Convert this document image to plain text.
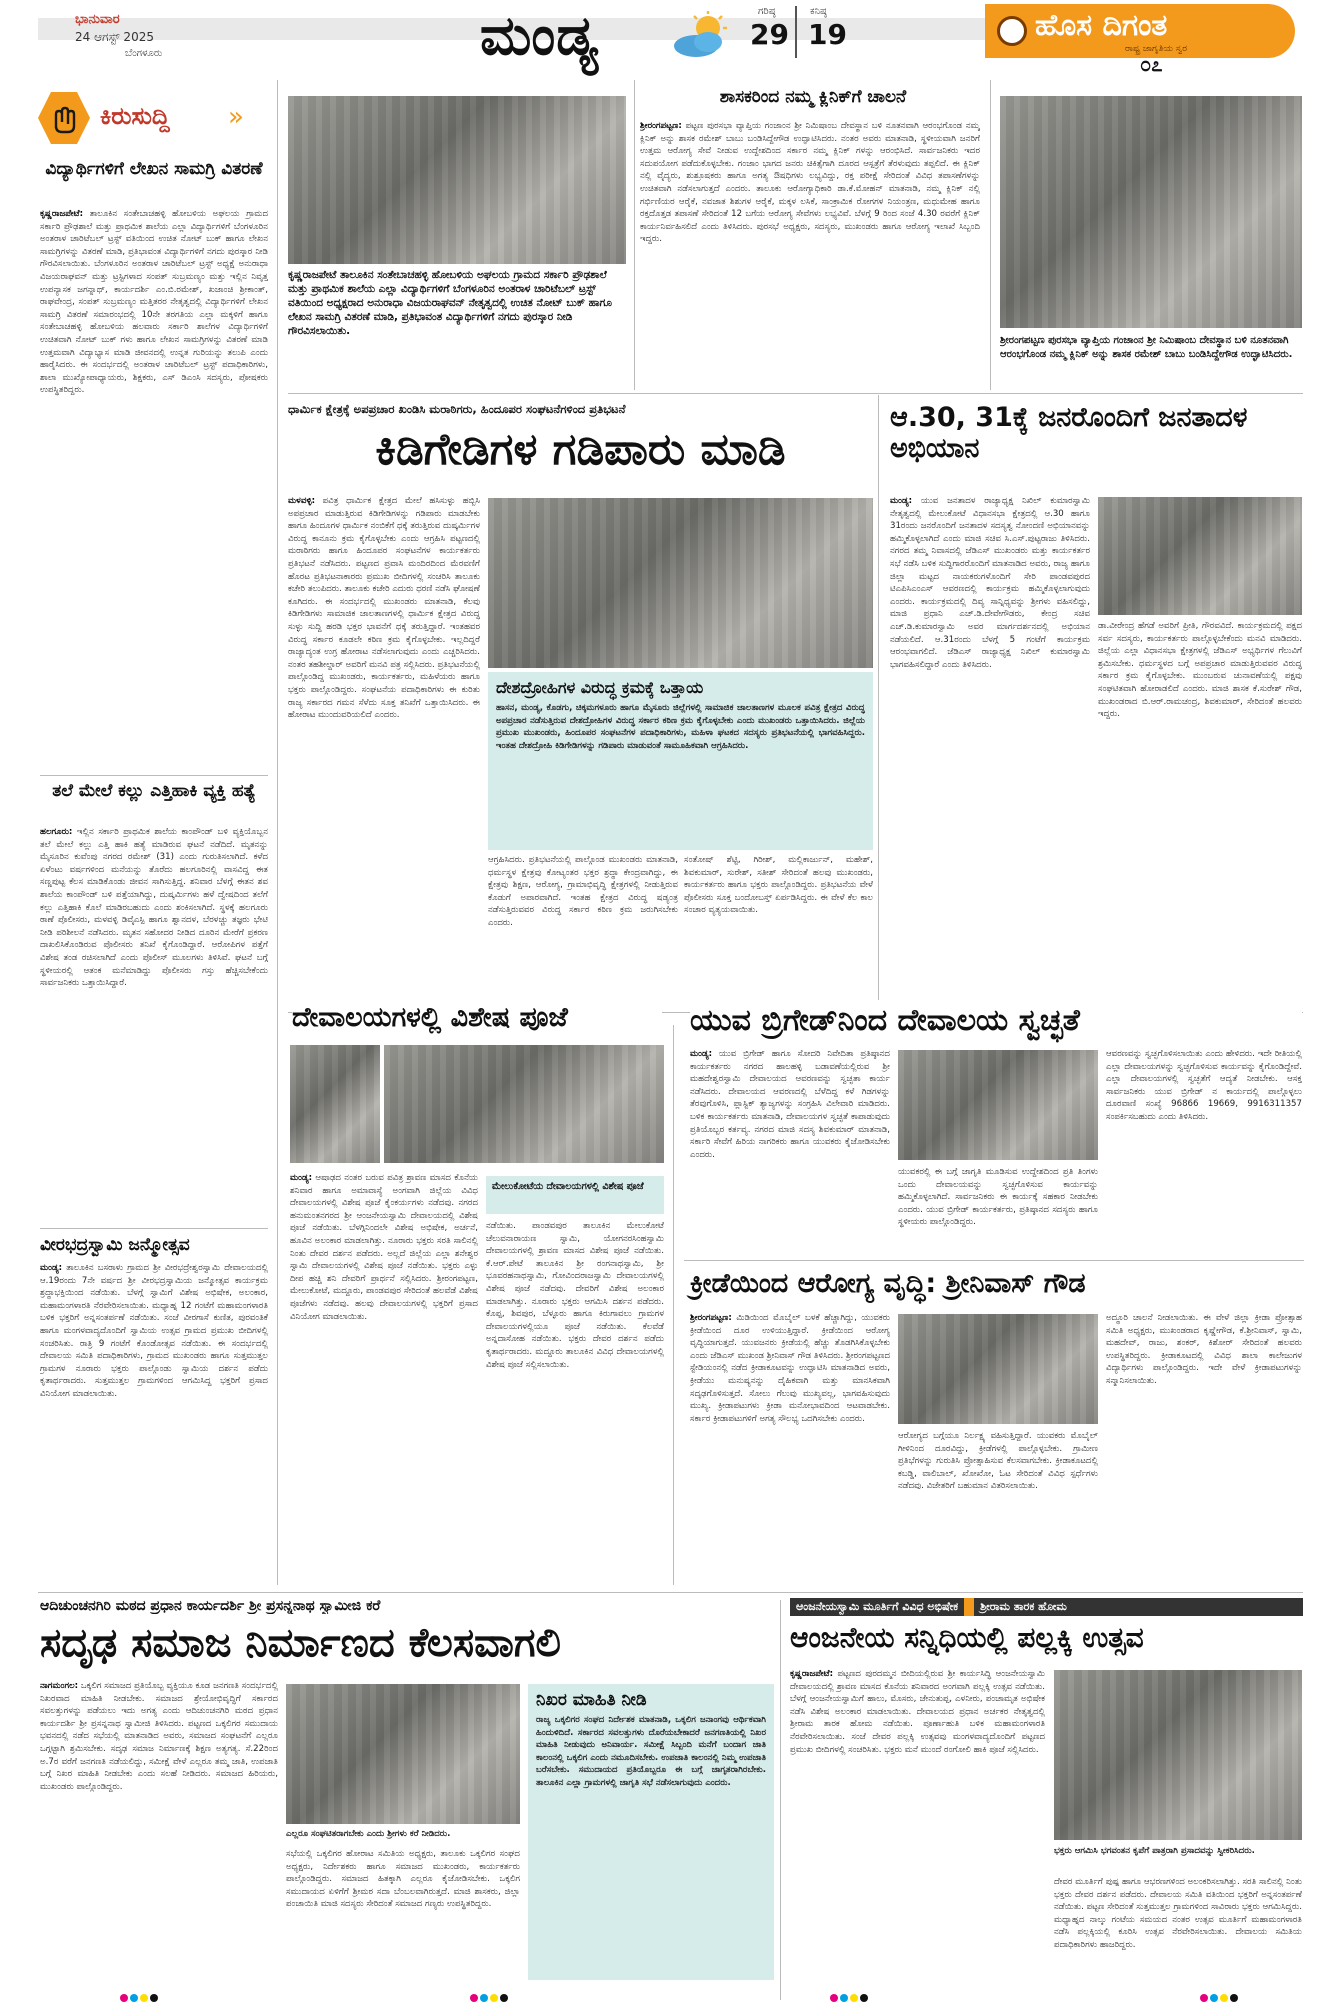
ಭಾನುವಾರ
24 ಆಗಸ್ಟ್ 2025
ಬೆಂಗಳೂರು	ಮಂಡ್ಯ	ಗರಿಷ್ಠ
29
ಕನಿಷ್ಠ
19	ಹೊಸ ದಿಗಂತ
ರಾಷ್ಟ್ರ ಜಾಗೃತಿಯ ಸ್ವರ
೦೭
ಕಿರುಸುದ್ದಿ »
ವಿದ್ಯಾರ್ಥಿಗಳಿಗೆ ಲೇಖನ ಸಾಮಗ್ರಿ ವಿತರಣೆ
ಕೃಷ್ಣರಾಜಪೇಟೆ: ತಾಲೂಕಿನ ಸಂತೇಬಾಚಹಳ್ಳಿ ಹೋಬಳಿಯ ಅಘಲಯ ಗ್ರಾಮದ ಸರ್ಕಾರಿ ಪ್ರೌಢಶಾಲೆ ಮತ್ತು ಪ್ರಾಥಮಿಕ ಶಾಲೆಯ ಎಲ್ಲಾ ವಿದ್ಯಾರ್ಥಿಗಳಿಗೆ ಬೆಂಗಳೂರಿನ ಅಂತರಾಳ ಚಾರಿಟೆಬಲ್ ಟ್ರಸ್ಟ್ ವತಿಯಿಂದ ಉಚಿತ ನೋಟ್ ಬುಕ್ ಹಾಗೂ ಲೇಖನ ಸಾಮಗ್ರಿಗಳನ್ನು ವಿತರಣೆ ಮಾಡಿ, ಪ್ರತಿಭಾವಂತ ವಿದ್ಯಾರ್ಥಿಗಳಿಗೆ ನಗದು ಪುರಸ್ಕಾರ ನೀಡಿ ಗೌರವಿಸಲಾಯಿತು. ಬೆಂಗಳೂರಿನ ಅಂತರಾಳ ಚಾರಿಟೆಬಲ್ ಟ್ರಸ್ಟ್ ಅಧ್ಯಕ್ಷೆ ಅನುರಾಧಾ ವಿಜಯರಾಘವನ್ ಮತ್ತು ಟ್ರಸ್ಟಿಗಳಾದ ಸಂಪತ್ ಸುಬ್ರಮಣ್ಯಂ ಮತ್ತು ಇಲ್ಲಿನ ನಿವೃತ್ತ ಉಪನ್ಯಾಸಕ ಜಗನ್ನಾಥ್, ಕಾರ್ಯದರ್ಶಿ ಎಂ.ಬಿ.ರಮೇಶ್, ಖಜಾಂಚಿ ಶ್ರೀಕಾಂತ್, ರಾಘವೇಂದ್ರ, ಸಂಪತ್ ಸುಬ್ರಮಣ್ಯಂ ಮತ್ತಿತರರ ನೇತೃತ್ವದಲ್ಲಿ ವಿದ್ಯಾರ್ಥಿಗಳಿಗೆ ಲೇಖನ ಸಾಮಗ್ರಿ ವಿತರಣೆ ಸಮಾರಂಭದಲ್ಲಿ 10ನೇ ತರಗತಿಯ ಎಲ್ಲಾ ಮಕ್ಕಳಿಗೆ ಹಾಗೂ ಸಂತೇಬಾಚಹಳ್ಳಿ ಹೋಬಳಿಯ ಹಲವಾರು ಸರ್ಕಾರಿ ಶಾಲೆಗಳ ವಿದ್ಯಾರ್ಥಿಗಳಿಗೆ ಉಚಿತವಾಗಿ ನೋಟ್ ಬುಕ್ ಗಳು ಹಾಗೂ ಲೇಖನ ಸಾಮಗ್ರಿಗಳನ್ನು ವಿತರಣೆ ಮಾಡಿ ಉತ್ತಮವಾಗಿ ವಿದ್ಯಾಭ್ಯಾಸ ಮಾಡಿ ಜೀವನದಲ್ಲಿ ಉನ್ನತ ಗುರಿಯನ್ನು ತಲುಪಿ ಎಂದು ಹಾರೈಸಿದರು. ಈ ಸಂದರ್ಭದಲ್ಲಿ ಅಂತರಾಳ ಚಾರಿಟೆಬಲ್ ಟ್ರಸ್ಟ್ ಪದಾಧಿಕಾರಿಗಳು, ಶಾಲಾ ಮುಖ್ಯೋಪಾಧ್ಯಾಯರು, ಶಿಕ್ಷಕರು, ಎಸ್ ಡಿಎಂಸಿ ಸದಸ್ಯರು, ಪೋಷಕರು ಉಪಸ್ಥಿತರಿದ್ದರು.
ತಲೆ ಮೇಲೆ ಕಲ್ಲು ಎತ್ತಿಹಾಕಿ ವ್ಯಕ್ತಿ ಹತ್ಯೆ
ಹಲಗೂರು: ಇಲ್ಲಿನ ಸರ್ಕಾರಿ ಪ್ರಾಥಮಿಕ ಶಾಲೆಯ ಕಾಂಪೌಂಡ್ ಬಳಿ ವ್ಯಕ್ತಿಯೊಬ್ಬನ ತಲೆ ಮೇಲೆ ಕಲ್ಲು ಎತ್ತಿ ಹಾಕಿ ಹತ್ಯೆ ಮಾಡಿರುವ ಘಟನೆ ನಡೆದಿದೆ. ಮೃತನನ್ನು ಮೈಸೂರಿನ ಕುವೆಂಪು ನಗರದ ರಮೇಶ್ (31) ಎಂದು ಗುರುತಿಸಲಾಗಿದೆ. ಕಳೆದ ಏಳೆಂಟು ವರ್ಷಗಳಿಂದ ಮನೆಯನ್ನು ತೊರೆದು ಹಲಗೂರಿನಲ್ಲಿ ವಾಸವಿದ್ದ ಈತ ಸಣ್ಣಪುಟ್ಟ ಕೆಲಸ ಮಾಡಿಕೊಂಡು ಜೀವನ ಸಾಗಿಸುತ್ತಿದ್ದ. ಶನಿವಾರ ಬೆಳಗ್ಗೆ ಈತನ ಶವ ಶಾಲೆಯ ಕಾಂಪೌಂಡ್ ಬಳಿ ಪತ್ತೆಯಾಗಿದ್ದು, ದುಷ್ಕರ್ಮಿಗಳು ಹಳೆ ದ್ವೇಷದಿಂದ ತಲೆಗೆ ಕಲ್ಲು ಎತ್ತಿಹಾಕಿ ಕೊಲೆ ಮಾಡಿರಬಹುದು ಎಂದು ಶಂಕಿಸಲಾಗಿದೆ. ಸ್ಥಳಕ್ಕೆ ಹಲಗೂರು ಠಾಣೆ ಪೊಲೀಸರು, ಮಳವಳ್ಳಿ ಡಿವೈಎಸ್ಪಿ ಹಾಗೂ ಶ್ವಾನದಳ, ಬೆರಳಚ್ಚು ತಜ್ಞರು ಭೇಟಿ ನೀಡಿ ಪರಿಶೀಲನೆ ನಡೆಸಿದರು. ಮೃತನ ಸಹೋದರ ನೀಡಿದ ದೂರಿನ ಮೇರೆಗೆ ಪ್ರಕರಣ ದಾಖಲಿಸಿಕೊಂಡಿರುವ ಪೊಲೀಸರು ತನಿಖೆ ಕೈಗೊಂಡಿದ್ದಾರೆ. ಆರೋಪಿಗಳ ಪತ್ತೆಗೆ ವಿಶೇಷ ತಂಡ ರಚಿಸಲಾಗಿದೆ ಎಂದು ಪೊಲೀಸ್ ಮೂಲಗಳು ತಿಳಿಸಿವೆ. ಘಟನೆ ಬಗ್ಗೆ ಸ್ಥಳೀಯರಲ್ಲಿ ಆತಂಕ ಮನೆಮಾಡಿದ್ದು ಪೊಲೀಸರು ಗಸ್ತು ಹೆಚ್ಚಿಸಬೇಕೆಂದು ಸಾರ್ವಜನಿಕರು ಒತ್ತಾಯಿಸಿದ್ದಾರೆ.
ವೀರಭದ್ರಸ್ವಾಮಿ ಜನ್ಮೋತ್ಸವ
ಮಂಡ್ಯ: ತಾಲೂಕಿನ ಬಸರಾಳು ಗ್ರಾಮದ ಶ್ರೀ ವೀರಭದ್ರೇಶ್ವರಸ್ವಾಮಿ ದೇವಾಲಯದಲ್ಲಿ ಆ.19ರಂದು 7ನೇ ವರ್ಷದ ಶ್ರೀ ವೀರಭದ್ರಸ್ವಾಮಿಯ ಜನ್ಮೋತ್ಸವ ಕಾರ್ಯಕ್ರಮ ಶ್ರದ್ಧಾಭಕ್ತಿಯಿಂದ ನಡೆಯಿತು. ಬೆಳಗ್ಗೆ ಸ್ವಾಮಿಗೆ ವಿಶೇಷ ಅಭಿಷೇಕ, ಅಲಂಕಾರ, ಮಹಾಮಂಗಳಾರತಿ ನೆರವೇರಿಸಲಾಯಿತು. ಮಧ್ಯಾಹ್ನ 12 ಗಂಟೆಗೆ ಮಹಾಮಂಗಳಾರತಿ ಬಳಿಕ ಭಕ್ತರಿಗೆ ಅನ್ನಸಂತರ್ಪಣೆ ನಡೆಯಿತು. ಸಂಜೆ ವೀರಗಾಸೆ ಕುಣಿತ, ಪುರವಂತಿಕೆ ಹಾಗೂ ಮಂಗಳವಾದ್ಯದೊಂದಿಗೆ ಸ್ವಾಮಿಯ ಉತ್ಸವ ಗ್ರಾಮದ ಪ್ರಮುಖ ಬೀದಿಗಳಲ್ಲಿ ಸಂಚರಿಸಿತು. ರಾತ್ರಿ 9 ಗಂಟೆಗೆ ಕೊಂಡೋತ್ಸವ ನಡೆಯಿತು. ಈ ಸಂದರ್ಭದಲ್ಲಿ ದೇವಾಲಯ ಸಮಿತಿ ಪದಾಧಿಕಾರಿಗಳು, ಗ್ರಾಮದ ಮುಖಂಡರು ಹಾಗೂ ಸುತ್ತಮುತ್ತಲ ಗ್ರಾಮಗಳ ನೂರಾರು ಭಕ್ತರು ಪಾಲ್ಗೊಂಡು ಸ್ವಾಮಿಯ ದರ್ಶನ ಪಡೆದು ಕೃತಾರ್ಥರಾದರು. ಸುತ್ತಮುತ್ತಲ ಗ್ರಾಮಗಳಿಂದ ಆಗಮಿಸಿದ್ದ ಭಕ್ತರಿಗೆ ಪ್ರಸಾದ ವಿನಿಯೋಗ ಮಾಡಲಾಯಿತು.
ಕೃಷ್ಣರಾಜಪೇಟೆ ತಾಲೂಕಿನ ಸಂತೇಬಾಚಹಳ್ಳಿ ಹೋಬಳಿಯ ಅಘಲಯ ಗ್ರಾಮದ ಸರ್ಕಾರಿ ಪ್ರೌಢಶಾಲೆ ಮತ್ತು ಪ್ರಾಥಮಿಕ ಶಾಲೆಯ ಎಲ್ಲಾ ವಿದ್ಯಾರ್ಥಿಗಳಿಗೆ ಬೆಂಗಳೂರಿನ ಅಂತರಾಳ ಚಾರಿಟೆಬಲ್ ಟ್ರಸ್ಟ್ ವತಿಯಿಂದ ಅಧ್ಯಕ್ಷರಾದ ಅನುರಾಧಾ ವಿಜಯರಾಘವನ್ ನೇತೃತ್ವದಲ್ಲಿ ಉಚಿತ ನೋಟ್ ಬುಕ್ ಹಾಗೂ ಲೇಖನ ಸಾಮಗ್ರಿ ವಿತರಣೆ ಮಾಡಿ, ಪ್ರತಿಭಾವಂತ ವಿದ್ಯಾರ್ಥಿಗಳಿಗೆ ನಗದು ಪುರಸ್ಕಾರ ನೀಡಿ ಗೌರವಿಸಲಾಯಿತು.
ಶಾಸಕರಿಂದ ನಮ್ಮ ಕ್ಲಿನಿಕ್‌ಗೆ ಚಾಲನೆ
ಶ್ರೀರಂಗಪಟ್ಟಣ: ಪಟ್ಟಣ ಪುರಸಭಾ ವ್ಯಾಪ್ತಿಯ ಗಂಜಾಂನ ಶ್ರೀ ನಿಮಿಷಾಂಬ ದೇವಸ್ಥಾನ ಬಳಿ ನೂತನವಾಗಿ ಆರಂಭಗೊಂಡ ನಮ್ಮ ಕ್ಲಿನಿಕ್ ಅನ್ನು ಶಾಸಕ ರಮೇಶ್ ಬಾಬು ಬಂಡಿಸಿದ್ದೇಗೌಡ ಉದ್ಘಾಟಿಸಿದರು. ನಂತರ ಅವರು ಮಾತನಾಡಿ, ಸ್ಥಳೀಯವಾಗಿ ಜನರಿಗೆ ಉತ್ತಮ ಆರೋಗ್ಯ ಸೇವೆ ನೀಡುವ ಉದ್ದೇಶದಿಂದ ಸರ್ಕಾರ ನಮ್ಮ ಕ್ಲಿನಿಕ್ ಗಳನ್ನು ಆರಂಭಿಸಿದೆ. ಸಾರ್ವಜನಿಕರು ಇದರ ಸದುಪಯೋಗ ಪಡೆದುಕೊಳ್ಳಬೇಕು. ಗಂಜಾಂ ಭಾಗದ ಜನರು ಚಿಕಿತ್ಸೆಗಾಗಿ ದೂರದ ಆಸ್ಪತ್ರೆಗೆ ತೆರಳುವುದು ತಪ್ಪಲಿದೆ. ಈ ಕ್ಲಿನಿಕ್ ನಲ್ಲಿ ವೈದ್ಯರು, ಶುಶ್ರೂಷಕರು ಹಾಗೂ ಅಗತ್ಯ ಔಷಧಿಗಳು ಲಭ್ಯವಿದ್ದು, ರಕ್ತ ಪರೀಕ್ಷೆ ಸೇರಿದಂತೆ ವಿವಿಧ ತಪಾಸಣೆಗಳನ್ನು ಉಚಿತವಾಗಿ ನಡೆಸಲಾಗುತ್ತದೆ ಎಂದರು. ತಾಲೂಕು ಆರೋಗ್ಯಾಧಿಕಾರಿ ಡಾ.ಕೆ.ಮೋಹನ್ ಮಾತನಾಡಿ, ನಮ್ಮ ಕ್ಲಿನಿಕ್ ನಲ್ಲಿ ಗರ್ಭಿಣಿಯರ ಆರೈಕೆ, ನವಜಾತ ಶಿಶುಗಳ ಆರೈಕೆ, ಮಕ್ಕಳ ಲಸಿಕೆ, ಸಾಂಕ್ರಾಮಿಕ ರೋಗಗಳ ನಿಯಂತ್ರಣ, ಮಧುಮೇಹ ಹಾಗೂ ರಕ್ತದೊತ್ತಡ ತಪಾಸಣೆ ಸೇರಿದಂತೆ 12 ಬಗೆಯ ಆರೋಗ್ಯ ಸೇವೆಗಳು ಲಭ್ಯವಿವೆ. ಬೆಳಗ್ಗೆ 9 ರಿಂದ ಸಂಜೆ 4.30 ರವರೆಗೆ ಕ್ಲಿನಿಕ್ ಕಾರ್ಯನಿರ್ವಹಿಸಲಿದೆ ಎಂದು ತಿಳಿಸಿದರು. ಪುರಸಭೆ ಅಧ್ಯಕ್ಷರು, ಸದಸ್ಯರು, ಮುಖಂಡರು ಹಾಗೂ ಆರೋಗ್ಯ ಇಲಾಖೆ ಸಿಬ್ಬಂದಿ ಇದ್ದರು.
ಶ್ರೀರಂಗಪಟ್ಟಣ ಪುರಸಭಾ ವ್ಯಾಪ್ತಿಯ ಗಂಜಾಂನ ಶ್ರೀ ನಿಮಿಷಾಂಬ ದೇವಸ್ಥಾನ ಬಳಿ ನೂತನವಾಗಿ ಆರಂಭಗೊಂಡ ನಮ್ಮ ಕ್ಲಿನಿಕ್ ಅನ್ನು ಶಾಸಕ ರಮೇಶ್ ಬಾಬು ಬಂಡಿಸಿದ್ದೇಗೌಡ ಉದ್ಘಾಟಿಸಿದರು.
ಧಾರ್ಮಿಕ ಕ್ಷೇತ್ರಕ್ಕೆ ಅಪಪ್ರಚಾರ ಖಂಡಿಸಿ ಮರಾಠಿಗರು, ಹಿಂದೂಪರ ಸಂಘಟನೆಗಳಿಂದ ಪ್ರತಿಭಟನೆ
ಕಿಡಿಗೇಡಿಗಳ ಗಡಿಪಾರು ಮಾಡಿ
ಮಳವಳ್ಳಿ: ಪವಿತ್ರ ಧಾರ್ಮಿಕ ಕ್ಷೇತ್ರದ ಮೇಲೆ ಹಸಿಸುಳ್ಳು ಹಬ್ಬಿಸಿ ಅಪಪ್ರಚಾರ ಮಾಡುತ್ತಿರುವ ಕಿಡಿಗೇಡಿಗಳನ್ನು ಗಡಿಪಾರು ಮಾಡಬೇಕು ಹಾಗೂ ಹಿಂದೂಗಳ ಧಾರ್ಮಿಕ ನಂಬಿಕೆಗೆ ಧಕ್ಕೆ ತರುತ್ತಿರುವ ದುಷ್ಕರ್ಮಿಗಳ ವಿರುದ್ಧ ಕಾನೂನು ಕ್ರಮ ಕೈಗೊಳ್ಳಬೇಕು ಎಂದು ಆಗ್ರಹಿಸಿ ಪಟ್ಟಣದಲ್ಲಿ ಮರಾಠಿಗರು ಹಾಗೂ ಹಿಂದೂಪರ ಸಂಘಟನೆಗಳ ಕಾರ್ಯಕರ್ತರು ಪ್ರತಿಭಟನೆ ನಡೆಸಿದರು. ಪಟ್ಟಣದ ಪ್ರವಾಸಿ ಮಂದಿರದಿಂದ ಮೆರವಣಿಗೆ ಹೊರಟ ಪ್ರತಿಭಟನಾಕಾರರು ಪ್ರಮುಖ ಬೀದಿಗಳಲ್ಲಿ ಸಂಚರಿಸಿ ತಾಲೂಕು ಕಚೇರಿ ತಲುಪಿದರು. ತಾಲೂಕು ಕಚೇರಿ ಎದುರು ಧರಣಿ ನಡೆಸಿ ಘೋಷಣೆ ಕೂಗಿದರು. ಈ ಸಂದರ್ಭದಲ್ಲಿ ಮುಖಂಡರು ಮಾತನಾಡಿ, ಕೆಲವು ಕಿಡಿಗೇಡಿಗಳು ಸಾಮಾಜಿಕ ಜಾಲತಾಣಗಳಲ್ಲಿ ಧಾರ್ಮಿಕ ಕ್ಷೇತ್ರದ ವಿರುದ್ಧ ಸುಳ್ಳು ಸುದ್ದಿ ಹರಡಿ ಭಕ್ತರ ಭಾವನೆಗೆ ಧಕ್ಕೆ ತರುತ್ತಿದ್ದಾರೆ. ಇಂತಹವರ ವಿರುದ್ಧ ಸರ್ಕಾರ ಕೂಡಲೇ ಕಠಿಣ ಕ್ರಮ ಕೈಗೊಳ್ಳಬೇಕು. ಇಲ್ಲದಿದ್ದರೆ ರಾಜ್ಯಾದ್ಯಂತ ಉಗ್ರ ಹೋರಾಟ ನಡೆಸಲಾಗುವುದು ಎಂದು ಎಚ್ಚರಿಸಿದರು. ನಂತರ ತಹಶೀಲ್ದಾರ್ ಅವರಿಗೆ ಮನವಿ ಪತ್ರ ಸಲ್ಲಿಸಿದರು. ಪ್ರತಿಭಟನೆಯಲ್ಲಿ ಪಾಲ್ಗೊಂಡಿದ್ದ ಮುಖಂಡರು, ಕಾರ್ಯಕರ್ತರು, ಮಹಿಳೆಯರು ಹಾಗೂ ಭಕ್ತರು ಪಾಲ್ಗೊಂಡಿದ್ದರು. ಸಂಘಟನೆಯ ಪದಾಧಿಕಾರಿಗಳು ಈ ಕುರಿತು ರಾಜ್ಯ ಸರ್ಕಾರದ ಗಮನ ಸೆಳೆದು ಸೂಕ್ತ ತನಿಖೆಗೆ ಒತ್ತಾಯಿಸಿದರು. ಈ ಹೋರಾಟ ಮುಂದುವರಿಯಲಿದೆ ಎಂದರು.
ದೇಶದ್ರೋಹಿಗಳ ವಿರುದ್ಧ ಕ್ರಮಕ್ಕೆ ಒತ್ತಾಯ
ಹಾಸನ, ಮಂಡ್ಯ, ಕೊಡಗು, ಚಿಕ್ಕಮಗಳೂರು ಹಾಗೂ ಮೈಸೂರು ಜಿಲ್ಲೆಗಳಲ್ಲಿ ಸಾಮಾಜಿಕ ಜಾಲತಾಣಗಳ ಮೂಲಕ ಪವಿತ್ರ ಕ್ಷೇತ್ರದ ವಿರುದ್ಧ ಅಪಪ್ರಚಾರ ನಡೆಸುತ್ತಿರುವ ದೇಶದ್ರೋಹಿಗಳ ವಿರುದ್ಧ ಸರ್ಕಾರ ಕಠಿಣ ಕ್ರಮ ಕೈಗೊಳ್ಳಬೇಕು ಎಂದು ಮುಖಂಡರು ಒತ್ತಾಯಿಸಿದರು. ಜಿಲ್ಲೆಯ ಪ್ರಮುಖ ಮುಖಂಡರು, ಹಿಂದೂಪರ ಸಂಘಟನೆಗಳ ಪದಾಧಿಕಾರಿಗಳು, ಮಹಿಳಾ ಘಟಕದ ಸದಸ್ಯರು ಪ್ರತಿಭಟನೆಯಲ್ಲಿ ಭಾಗವಹಿಸಿದ್ದರು. ಇಂತಹ ದೇಶದ್ರೋಹಿ ಕಿಡಿಗೇಡಿಗಳನ್ನು ಗಡಿಪಾರು ಮಾಡುವಂತೆ ಸಾಮೂಹಿಕವಾಗಿ ಆಗ್ರಹಿಸಿದರು.
ಆಗ್ರಹಿಸಿದರು. ಪ್ರತಿಭಟನೆಯಲ್ಲಿ ಪಾಲ್ಗೊಂಡ ಮುಖಂಡರು ಮಾತನಾಡಿ, ಧರ್ಮಸ್ಥಳ ಕ್ಷೇತ್ರವು ಕೋಟ್ಯಂತರ ಭಕ್ತರ ಶ್ರದ್ಧಾ ಕೇಂದ್ರವಾಗಿದ್ದು, ಈ ಕ್ಷೇತ್ರವು ಶಿಕ್ಷಣ, ಆರೋಗ್ಯ, ಗ್ರಾಮಾಭಿವೃದ್ಧಿ ಕ್ಷೇತ್ರಗಳಲ್ಲಿ ನೀಡುತ್ತಿರುವ ಕೊಡುಗೆ ಅಪಾರವಾಗಿದೆ. ಇಂತಹ ಕ್ಷೇತ್ರದ ವಿರುದ್ಧ ಷಡ್ಯಂತ್ರ ನಡೆಸುತ್ತಿರುವವರ ವಿರುದ್ಧ ಸರ್ಕಾರ ಕಠಿಣ ಕ್ರಮ ಜರುಗಿಸಬೇಕು ಎಂದರು.
ಸಂತೋಷ್ ಶೆಟ್ಟಿ, ಗಿರೀಶ್, ಮಲ್ಲಿಕಾರ್ಜುನ್, ಮಹೇಶ್, ಶಿವಕುಮಾರ್, ಸುರೇಶ್, ಸತೀಶ್ ಸೇರಿದಂತೆ ಹಲವು ಮುಖಂಡರು, ಕಾರ್ಯಕರ್ತರು ಹಾಗೂ ಭಕ್ತರು ಪಾಲ್ಗೊಂಡಿದ್ದರು. ಪ್ರತಿಭಟನೆಯ ವೇಳೆ ಪೊಲೀಸರು ಸೂಕ್ತ ಬಂದೋಬಸ್ತ್ ಏರ್ಪಡಿಸಿದ್ದರು. ಈ ವೇಳೆ ಕೆಲ ಕಾಲ ಸಂಚಾರ ವ್ಯತ್ಯಯವಾಯಿತು.
ಆ.30, 31ಕ್ಕೆ ಜನರೊಂದಿಗೆ ಜನತಾದಳ ಅಭಿಯಾನ
ಮಂಡ್ಯ: ಯುವ ಜನತಾದಳ ರಾಜ್ಯಾಧ್ಯಕ್ಷ ನಿಖಿಲ್ ಕುಮಾರಸ್ವಾಮಿ ನೇತೃತ್ವದಲ್ಲಿ ಮೇಲುಕೋಟೆ ವಿಧಾನಸಭಾ ಕ್ಷೇತ್ರದಲ್ಲಿ ಆ.30 ಹಾಗೂ 31ರಂದು ಜನರೊಂದಿಗೆ ಜನತಾದಳ ಸದಸ್ಯತ್ವ ನೋಂದಣಿ ಅಭಿಯಾನವನ್ನು ಹಮ್ಮಿಕೊಳ್ಳಲಾಗಿದೆ ಎಂದು ಮಾಜಿ ಸಚಿವ ಸಿ.ಎಸ್.ಪುಟ್ಟರಾಜು ತಿಳಿಸಿದರು. ನಗರದ ತಮ್ಮ ನಿವಾಸದಲ್ಲಿ ಜೆಡಿಎಸ್ ಮುಖಂಡರು ಮತ್ತು ಕಾರ್ಯಕರ್ತರ ಸಭೆ ನಡೆಸಿ ಬಳಿಕ ಸುದ್ದಿಗಾರರೊಂದಿಗೆ ಮಾತನಾಡಿದ ಅವರು, ರಾಜ್ಯ ಹಾಗೂ ಜಿಲ್ಲಾ ಮಟ್ಟದ ನಾಯಕರುಗಳೊಂದಿಗೆ ಸೇರಿ ಪಾಂಡವಪುರದ ಟಿಎಪಿಸಿಎಂಎಸ್ ಆವರಣದಲ್ಲಿ ಕಾರ್ಯಕ್ರಮ ಹಮ್ಮಿಕೊಳ್ಳಲಾಗುವುದು ಎಂದರು. ಕಾರ್ಯಕ್ರಮದಲ್ಲಿ ದಿವ್ಯ ಸಾನ್ನಿಧ್ಯವನ್ನು ಶ್ರೀಗಳು ವಹಿಸಲಿದ್ದು, ಮಾಜಿ ಪ್ರಧಾನಿ ಎಚ್.ಡಿ.ದೇವೇಗೌಡರು, ಕೇಂದ್ರ ಸಚಿವ ಎಚ್.ಡಿ.ಕುಮಾರಸ್ವಾಮಿ ಅವರ ಮಾರ್ಗದರ್ಶನದಲ್ಲಿ ಅಭಿಯಾನ ನಡೆಯಲಿದೆ. ಆ.31ರಂದು ಬೆಳಗ್ಗೆ 5 ಗಂಟೆಗೆ ಕಾರ್ಯಕ್ರಮ ಆರಂಭವಾಗಲಿದೆ. ಜೆಡಿಎಸ್ ರಾಜ್ಯಾಧ್ಯಕ್ಷ ನಿಖಿಲ್ ಕುಮಾರಸ್ವಾಮಿ ಭಾಗವಹಿಸಲಿದ್ದಾರೆ ಎಂದು ತಿಳಿಸಿದರು.
ಡಾ.ವೀರೇಂದ್ರ ಹೆಗಡೆ ಅವರಿಗೆ ಪ್ರೀತಿ, ಗೌರವವಿದೆ. ಕಾರ್ಯಕ್ರಮದಲ್ಲಿ ಪಕ್ಷದ ಸರ್ವ ಸದಸ್ಯರು, ಕಾರ್ಯಕರ್ತರು ಪಾಲ್ಗೊಳ್ಳಬೇಕೆಂದು ಮನವಿ ಮಾಡಿದರು. ಜಿಲ್ಲೆಯ ಎಲ್ಲಾ ವಿಧಾನಸಭಾ ಕ್ಷೇತ್ರಗಳಲ್ಲಿ ಜೆಡಿಎಸ್ ಅಭ್ಯರ್ಥಿಗಳ ಗೆಲುವಿಗೆ ಶ್ರಮಿಸಬೇಕು. ಧರ್ಮಸ್ಥಳದ ಬಗ್ಗೆ ಅಪಪ್ರಚಾರ ಮಾಡುತ್ತಿರುವವರ ವಿರುದ್ಧ ಸರ್ಕಾರ ಕ್ರಮ ಕೈಗೊಳ್ಳಬೇಕು. ಮುಂಬರುವ ಚುನಾವಣೆಯಲ್ಲಿ ಪಕ್ಷವು ಸಂಘಟಿತವಾಗಿ ಹೋರಾಡಲಿದೆ ಎಂದರು. ಮಾಜಿ ಶಾಸಕ ಕೆ.ಸುರೇಶ್ ಗೌಡ, ಮುಖಂಡರಾದ ಬಿ.ಆರ್.ರಾಮಚಂದ್ರ, ಶಿವಕುಮಾರ್, ಸೇರಿದಂತೆ ಹಲವರು ಇದ್ದರು.
ದೇವಾಲಯಗಳಲ್ಲಿ ವಿಶೇಷ ಪೂಜೆ
ಮಂಡ್ಯ: ಆಷಾಢದ ನಂತರ ಬರುವ ಪವಿತ್ರ ಶ್ರಾವಣ ಮಾಸದ ಕೊನೆಯ ಶನಿವಾರ ಹಾಗೂ ಅಮಾವಾಸ್ಯೆ ಅಂಗವಾಗಿ ಜಿಲ್ಲೆಯ ವಿವಿಧ ದೇವಾಲಯಗಳಲ್ಲಿ ವಿಶೇಷ ಪೂಜೆ ಕೈಂಕರ್ಯಗಳು ನಡೆದವು. ನಗರದ ಹನುಮಂತನಗರದ ಶ್ರೀ ಆಂಜನೇಯಸ್ವಾಮಿ ದೇವಾಲಯದಲ್ಲಿ ವಿಶೇಷ ಪೂಜೆ ನಡೆಯಿತು. ಬೆಳಗ್ಗಿನಿಂದಲೇ ವಿಶೇಷ ಅಭಿಷೇಕ, ಅರ್ಚನೆ, ಹೂವಿನ ಅಲಂಕಾರ ಮಾಡಲಾಗಿತ್ತು. ನೂರಾರು ಭಕ್ತರು ಸರತಿ ಸಾಲಿನಲ್ಲಿ ನಿಂತು ದೇವರ ದರ್ಶನ ಪಡೆದರು. ಅಲ್ಲದೆ ಜಿಲ್ಲೆಯ ಎಲ್ಲಾ ಶನೇಶ್ವರ ಸ್ವಾಮಿ ದೇವಾಲಯಗಳಲ್ಲಿ ವಿಶೇಷ ಪೂಜೆ ನಡೆಯಿತು. ಭಕ್ತರು ಎಳ್ಳು ದೀಪ ಹಚ್ಚಿ ಶನಿ ದೇವರಿಗೆ ಪ್ರಾರ್ಥನೆ ಸಲ್ಲಿಸಿದರು. ಶ್ರೀರಂಗಪಟ್ಟಣ, ಮೇಲುಕೋಟೆ, ಮದ್ದೂರು, ಪಾಂಡವಪುರ ಸೇರಿದಂತೆ ಹಲವೆಡೆ ವಿಶೇಷ ಪೂಜೆಗಳು ನಡೆದವು. ಹಲವು ದೇವಾಲಯಗಳಲ್ಲಿ ಭಕ್ತರಿಗೆ ಪ್ರಸಾದ ವಿನಿಯೋಗ ಮಾಡಲಾಯಿತು.
ಮೇಲುಕೋಟೆಯ ದೇವಾಲಯಗಳಲ್ಲಿ ವಿಶೇಷ ಪೂಜೆ
ನಡೆಯಿತು. ಪಾಂಡವಪುರ ತಾಲೂಕಿನ ಮೇಲುಕೋಟೆ ಚೆಲುವನಾರಾಯಣ ಸ್ವಾಮಿ, ಯೋಗನರಸಿಂಹಸ್ವಾಮಿ ದೇವಾಲಯಗಳಲ್ಲಿ ಶ್ರಾವಣ ಮಾಸದ ವಿಶೇಷ ಪೂಜೆ ನಡೆಯಿತು. ಕೆ.ಆರ್.ಪೇಟೆ ತಾಲೂಕಿನ ಶ್ರೀ ರಂಗನಾಥಸ್ವಾಮಿ, ಶ್ರೀ ಭೂವರಹನಾಥಸ್ವಾಮಿ, ಗೋವಿಂದರಾಜಸ್ವಾಮಿ ದೇವಾಲಯಗಳಲ್ಲಿ ವಿಶೇಷ ಪೂಜೆ ನಡೆದವು. ದೇವರಿಗೆ ವಿಶೇಷ ಅಲಂಕಾರ ಮಾಡಲಾಗಿತ್ತು. ನೂರಾರು ಭಕ್ತರು ಆಗಮಿಸಿ ದರ್ಶನ ಪಡೆದರು. ಕೊಪ್ಪ, ಶಿವಪುರ, ಬೆಳ್ಳೂರು ಹಾಗೂ ಕಿರುಗಾವಲು ಗ್ರಾಮಗಳ ದೇವಾಲಯಗಳಲ್ಲಿಯೂ ಪೂಜೆ ನಡೆಯಿತು. ಕೆಲವೆಡೆ ಅನ್ನದಾಸೋಹ ನಡೆಯಿತು. ಭಕ್ತರು ದೇವರ ದರ್ಶನ ಪಡೆದು ಕೃತಾರ್ಥರಾದರು. ಮದ್ದೂರು ತಾಲೂಕಿನ ವಿವಿಧ ದೇವಾಲಯಗಳಲ್ಲಿ ವಿಶೇಷ ಪೂಜೆ ಸಲ್ಲಿಸಲಾಯಿತು.
ಯುವ ಬ್ರಿಗೇಡ್‌ನಿಂದ ದೇವಾಲಯ ಸ್ವಚ್ಛತೆ
ಮಂಡ್ಯ: ಯುವ ಬ್ರಿಗೇಡ್ ಹಾಗೂ ಸೋದರಿ ನಿವೇದಿತಾ ಪ್ರತಿಷ್ಠಾನದ ಕಾರ್ಯಕರ್ತರು ನಗರದ ಹಾಲಹಳ್ಳಿ ಬಡಾವಣೆಯಲ್ಲಿರುವ ಶ್ರೀ ಮಹದೇಶ್ವರಸ್ವಾಮಿ ದೇವಾಲಯದ ಆವರಣವನ್ನು ಸ್ವಚ್ಛತಾ ಕಾರ್ಯ ನಡೆಸಿದರು. ದೇವಾಲಯದ ಆವರಣದಲ್ಲಿ ಬೆಳೆದಿದ್ದ ಕಳೆ ಗಿಡಗಳನ್ನು ತೆರವುಗೊಳಿಸಿ, ಪ್ಲಾಸ್ಟಿಕ್ ತ್ಯಾಜ್ಯಗಳನ್ನು ಸಂಗ್ರಹಿಸಿ ವಿಲೇವಾರಿ ಮಾಡಿದರು. ಬಳಿಕ ಕಾರ್ಯಕರ್ತರು ಮಾತನಾಡಿ, ದೇವಾಲಯಗಳ ಸ್ವಚ್ಛತೆ ಕಾಪಾಡುವುದು ಪ್ರತಿಯೊಬ್ಬರ ಕರ್ತವ್ಯ. ನಗರದ ಮಾಜಿ ಸದಸ್ಯ ಶಿವಕುಮಾರ್ ಮಾತನಾಡಿ, ಸರ್ಕಾರಿ ಸೇವೆಗೆ ಹಿರಿಯ ನಾಗರಿಕರು ಹಾಗೂ ಯುವಕರು ಕೈಜೋಡಿಸಬೇಕು ಎಂದರು.
ಯುವಕರಲ್ಲಿ ಈ ಬಗ್ಗೆ ಜಾಗೃತಿ ಮೂಡಿಸುವ ಉದ್ದೇಶದಿಂದ ಪ್ರತಿ ತಿಂಗಳು ಒಂದು ದೇವಾಲಯವನ್ನು ಸ್ವಚ್ಛಗೊಳಿಸುವ ಕಾರ್ಯವನ್ನು ಹಮ್ಮಿಕೊಳ್ಳಲಾಗಿದೆ. ಸಾರ್ವಜನಿಕರು ಈ ಕಾರ್ಯಕ್ಕೆ ಸಹಕಾರ ನೀಡಬೇಕು ಎಂದರು. ಯುವ ಬ್ರಿಗೇಡ್ ಕಾರ್ಯಕರ್ತರು, ಪ್ರತಿಷ್ಠಾನದ ಸದಸ್ಯರು ಹಾಗೂ ಸ್ಥಳೀಯರು ಪಾಲ್ಗೊಂಡಿದ್ದರು.
ಆವರಣವನ್ನು ಸ್ವಚ್ಛಗೊಳಿಸಲಾಯಿತು ಎಂದು ಹೇಳಿದರು. ಇದೇ ರೀತಿಯಲ್ಲಿ ಎಲ್ಲಾ ದೇವಾಲಯಗಳನ್ನು ಸ್ವಚ್ಛಗೊಳಿಸುವ ಕಾರ್ಯವನ್ನು ಕೈಗೊಂಡಿದ್ದೇವೆ. ಎಲ್ಲಾ ದೇವಾಲಯಗಳಲ್ಲಿ ಸ್ವಚ್ಛತೆಗೆ ಆದ್ಯತೆ ನೀಡಬೇಕು. ಆಸಕ್ತ ಸಾರ್ವಜನಿಕರು ಯುವ ಬ್ರಿಗೇಡ್ ನ ಕಾರ್ಯದಲ್ಲಿ ಪಾಲ್ಗೊಳ್ಳಲು ದೂರವಾಣಿ ಸಂಖ್ಯೆ 96866 19669, 9916311357 ಸಂಪರ್ಕಿಸಬಹುದು ಎಂದು ತಿಳಿಸಿದರು.
ಕ್ರೀಡೆಯಿಂದ ಆರೋಗ್ಯ ವೃದ್ಧಿ: ಶ್ರೀನಿವಾಸ್ ಗೌಡ
ಶ್ರೀರಂಗಪಟ್ಟಣ: ಮಿಡಿಯಿಂದ ಮೊಬೈಲ್ ಬಳಕೆ ಹೆಚ್ಚಾಗಿದ್ದು, ಯುವಕರು ಕ್ರೀಡೆಯಿಂದ ದೂರ ಉಳಿಯುತ್ತಿದ್ದಾರೆ. ಕ್ರೀಡೆಯಿಂದ ಆರೋಗ್ಯ ವೃದ್ಧಿಯಾಗುತ್ತದೆ. ಯುವಜನರು ಕ್ರೀಡೆಯಲ್ಲಿ ಹೆಚ್ಚು ತೊಡಗಿಸಿಕೊಳ್ಳಬೇಕು ಎಂದು ಜೆಡಿಎಸ್ ಮುಖಂಡ ಶ್ರೀನಿವಾಸ್ ಗೌಡ ತಿಳಿಸಿದರು. ಶ್ರೀರಂಗಪಟ್ಟಣದ ಸ್ಟೇಡಿಯಂನಲ್ಲಿ ನಡೆದ ಕ್ರೀಡಾಕೂಟವನ್ನು ಉದ್ಘಾಟಿಸಿ ಮಾತನಾಡಿದ ಅವರು, ಕ್ರೀಡೆಯು ಮನುಷ್ಯನನ್ನು ದೈಹಿಕವಾಗಿ ಮತ್ತು ಮಾನಸಿಕವಾಗಿ ಸದೃಢಗೊಳಿಸುತ್ತದೆ. ಸೋಲು ಗೆಲುವು ಮುಖ್ಯವಲ್ಲ, ಭಾಗವಹಿಸುವುದು ಮುಖ್ಯ. ಕ್ರೀಡಾಪಟುಗಳು ಕ್ರೀಡಾ ಮನೋಭಾವದಿಂದ ಆಟವಾಡಬೇಕು. ಸರ್ಕಾರ ಕ್ರೀಡಾಪಟುಗಳಿಗೆ ಅಗತ್ಯ ಸೌಲಭ್ಯ ಒದಗಿಸಬೇಕು ಎಂದರು.
ಆರೋಗ್ಯದ ಬಗ್ಗೆಯೂ ನಿರ್ಲಕ್ಷ್ಯ ವಹಿಸುತ್ತಿದ್ದಾರೆ. ಯುವಕರು ಮೊಬೈಲ್ ಗೀಳಿನಿಂದ ದೂರವಿದ್ದು, ಕ್ರೀಡೆಗಳಲ್ಲಿ ಪಾಲ್ಗೊಳ್ಳಬೇಕು. ಗ್ರಾಮೀಣ ಪ್ರತಿಭೆಗಳನ್ನು ಗುರುತಿಸಿ ಪ್ರೋತ್ಸಾಹಿಸುವ ಕೆಲಸವಾಗಬೇಕು. ಕ್ರೀಡಾಕೂಟದಲ್ಲಿ ಕಬಡ್ಡಿ, ವಾಲಿಬಾಲ್, ಖೋಖೋ, ಓಟ ಸೇರಿದಂತೆ ವಿವಿಧ ಸ್ಪರ್ಧೆಗಳು ನಡೆದವು. ವಿಜೇತರಿಗೆ ಬಹುಮಾನ ವಿತರಿಸಲಾಯಿತು.
ಅದ್ಧೂರಿ ಚಾಲನೆ ನೀಡಲಾಯಿತು. ಈ ವೇಳೆ ಜಿಲ್ಲಾ ಕ್ರೀಡಾ ಪ್ರೋತ್ಸಾಹ ಸಮಿತಿ ಅಧ್ಯಕ್ಷರು, ಮುಖಂಡರಾದ ಕೃಷ್ಣೇಗೌಡ, ಕೆ.ಶ್ರೀನಿವಾಸ್, ಸ್ವಾಮಿ, ಮಹದೇವ್, ರಾಜು, ಶಂಕರ್, ಕಿಶೋರ್ ಸೇರಿದಂತೆ ಹಲವರು ಉಪಸ್ಥಿತರಿದ್ದರು. ಕ್ರೀಡಾಕೂಟದಲ್ಲಿ ವಿವಿಧ ಶಾಲಾ ಕಾಲೇಜುಗಳ ವಿದ್ಯಾರ್ಥಿಗಳು ಪಾಲ್ಗೊಂಡಿದ್ದರು. ಇದೇ ವೇಳೆ ಕ್ರೀಡಾಪಟುಗಳನ್ನು ಸನ್ಮಾನಿಸಲಾಯಿತು.
ಆದಿಚುಂಚನಗಿರಿ ಮಠದ ಪ್ರಧಾನ ಕಾರ್ಯದರ್ಶಿ ಶ್ರೀ ಪ್ರಸನ್ನನಾಥ ಸ್ವಾಮೀಜಿ ಕರೆ
ಸದೃಢ ಸಮಾಜ ನಿರ್ಮಾಣದ ಕೆಲಸವಾಗಲಿ
ನಾಗಮಂಗಲ: ಒಕ್ಕಲಿಗ ಸಮಾಜದ ಪ್ರತಿಯೊಬ್ಬ ವ್ಯಕ್ತಿಯೂ ಕೂಡ ಜನಗಣತಿ ಸಂದರ್ಭದಲ್ಲಿ ನಿಖರವಾದ ಮಾಹಿತಿ ನೀಡಬೇಕು. ಸಮಾಜದ ಶ್ರೇಯೋಭಿವೃದ್ಧಿಗೆ ಸರ್ಕಾರದ ಸವಲತ್ತುಗಳನ್ನು ಪಡೆಯಲು ಇದು ಅಗತ್ಯ ಎಂದು ಆದಿಚುಂಚನಗಿರಿ ಮಠದ ಪ್ರಧಾನ ಕಾರ್ಯದರ್ಶಿ ಶ್ರೀ ಪ್ರಸನ್ನನಾಥ ಸ್ವಾಮೀಜಿ ತಿಳಿಸಿದರು. ಪಟ್ಟಣದ ಒಕ್ಕಲಿಗರ ಸಮುದಾಯ ಭವನದಲ್ಲಿ ನಡೆದ ಸಭೆಯಲ್ಲಿ ಮಾತನಾಡಿದ ಅವರು, ಸಮಾಜದ ಸಂಘಟನೆಗೆ ಎಲ್ಲರೂ ಒಗ್ಗಟ್ಟಾಗಿ ಶ್ರಮಿಸಬೇಕು. ಸದೃಢ ಸಮಾಜ ನಿರ್ಮಾಣಕ್ಕೆ ಶಿಕ್ಷಣ ಅತ್ಯಗತ್ಯ. ಸೆ.22ರಿಂದ ಅ.7ರ ವರೆಗೆ ಜನಗಣತಿ ನಡೆಯಲಿದ್ದು, ಸಮೀಕ್ಷೆ ವೇಳೆ ಎಲ್ಲರೂ ತಮ್ಮ ಜಾತಿ, ಉಪಜಾತಿ ಬಗ್ಗೆ ನಿಖರ ಮಾಹಿತಿ ನೀಡಬೇಕು ಎಂದು ಸಲಹೆ ನೀಡಿದರು. ಸಮಾಜದ ಹಿರಿಯರು, ಮುಖಂಡರು ಪಾಲ್ಗೊಂಡಿದ್ದರು.
ಎಲ್ಲರೂ ಸಂಘಟಿತರಾಗಬೇಕು ಎಂದು ಶ್ರೀಗಳು ಕರೆ ನೀಡಿದರು.
ಸಭೆಯಲ್ಲಿ ಒಕ್ಕಲಿಗರ ಹೋರಾಟ ಸಮಿತಿಯ ಅಧ್ಯಕ್ಷರು, ತಾಲೂಕು ಒಕ್ಕಲಿಗರ ಸಂಘದ ಅಧ್ಯಕ್ಷರು, ನಿರ್ದೇಶಕರು ಹಾಗೂ ಸಮಾಜದ ಮುಖಂಡರು, ಕಾರ್ಯಕರ್ತರು ಪಾಲ್ಗೊಂಡಿದ್ದರು. ಸಮಾಜದ ಹಿತಕ್ಕಾಗಿ ಎಲ್ಲರೂ ಕೈಜೋಡಿಸಬೇಕು. ಒಕ್ಕಲಿಗ ಸಮುದಾಯದ ಏಳಿಗೆಗೆ ಶ್ರೀಮಠ ಸದಾ ಬೆಂಬಲವಾಗಿರುತ್ತದೆ. ಮಾಜಿ ಶಾಸಕರು, ಜಿಲ್ಲಾ ಪಂಚಾಯಿತಿ ಮಾಜಿ ಸದಸ್ಯರು ಸೇರಿದಂತೆ ಸಮಾಜದ ಗಣ್ಯರು ಉಪಸ್ಥಿತರಿದ್ದರು.
ನಿಖರ ಮಾಹಿತಿ ನೀಡಿ
ರಾಜ್ಯ ಒಕ್ಕಲಿಗರ ಸಂಘದ ನಿರ್ದೇಶಕ ಮಾತನಾಡಿ, ಒಕ್ಕಲಿಗ ಜನಾಂಗವು ಆರ್ಥಿಕವಾಗಿ ಹಿಂದುಳಿದಿದೆ. ಸರ್ಕಾರದ ಸವಲತ್ತುಗಳು ದೊರೆಯಬೇಕಾದರೆ ಜನಗಣತಿಯಲ್ಲಿ ನಿಖರ ಮಾಹಿತಿ ನೀಡುವುದು ಅನಿವಾರ್ಯ. ಸಮೀಕ್ಷೆ ಸಿಬ್ಬಂದಿ ಮನೆಗೆ ಬಂದಾಗ ಜಾತಿ ಕಾಲಂನಲ್ಲಿ ಒಕ್ಕಲಿಗ ಎಂದು ನಮೂದಿಸಬೇಕು. ಉಪಜಾತಿ ಕಾಲಂನಲ್ಲಿ ನಿಮ್ಮ ಉಪಜಾತಿ ಬರೆಸಬೇಕು. ಸಮುದಾಯದ ಪ್ರತಿಯೊಬ್ಬರೂ ಈ ಬಗ್ಗೆ ಜಾಗೃತರಾಗಿರಬೇಕು. ತಾಲೂಕಿನ ಎಲ್ಲಾ ಗ್ರಾಮಗಳಲ್ಲಿ ಜಾಗೃತಿ ಸಭೆ ನಡೆಸಲಾಗುವುದು ಎಂದರು.
ಆಂಜನೇಯಸ್ವಾಮಿ ಮೂರ್ತಿಗೆ ವಿವಿಧ ಅಭಿಷೇಕ	ಶ್ರೀರಾಮ ತಾರಕ ಹೋಮ
ಆಂಜನೇಯ ಸನ್ನಿಧಿಯಲ್ಲಿ ಪಲ್ಲಕ್ಕಿ ಉತ್ಸವ
ಕೃಷ್ಣರಾಜಪೇಟೆ: ಪಟ್ಟಣದ ಪುರದಮ್ಮನ ಬೀದಿಯಲ್ಲಿರುವ ಶ್ರೀ ಕಾರ್ಯಸಿದ್ಧಿ ಆಂಜನೇಯಸ್ವಾಮಿ ದೇವಾಲಯದಲ್ಲಿ ಶ್ರಾವಣ ಮಾಸದ ಕೊನೆಯ ಶನಿವಾರದ ಅಂಗವಾಗಿ ಪಲ್ಲಕ್ಕಿ ಉತ್ಸವ ನಡೆಯಿತು. ಬೆಳಗ್ಗೆ ಆಂಜನೇಯಸ್ವಾಮಿಗೆ ಹಾಲು, ಮೊಸರು, ಜೇನುತುಪ್ಪ, ಎಳನೀರು, ಪಂಚಾಮೃತ ಅಭಿಷೇಕ ನಡೆಸಿ ವಿಶೇಷ ಅಲಂಕಾರ ಮಾಡಲಾಯಿತು. ದೇವಾಲಯದ ಪ್ರಧಾನ ಅರ್ಚಕರ ನೇತೃತ್ವದಲ್ಲಿ ಶ್ರೀರಾಮ ತಾರಕ ಹೋಮ ನಡೆಯಿತು. ಪೂರ್ಣಾಹುತಿ ಬಳಿಕ ಮಹಾಮಂಗಳಾರತಿ ನೆರವೇರಿಸಲಾಯಿತು. ಸಂಜೆ ದೇವರ ಪಲ್ಲಕ್ಕಿ ಉತ್ಸವವು ಮಂಗಳವಾದ್ಯದೊಂದಿಗೆ ಪಟ್ಟಣದ ಪ್ರಮುಖ ಬೀದಿಗಳಲ್ಲಿ ಸಂಚರಿಸಿತು. ಭಕ್ತರು ಮನೆ ಮುಂದೆ ರಂಗೋಲಿ ಹಾಕಿ ಪೂಜೆ ಸಲ್ಲಿಸಿದರು.
ಭಕ್ತರು ಆಗಮಿಸಿ ಭಗವಂತನ ಕೃಪೆಗೆ ಪಾತ್ರರಾಗಿ ಪ್ರಸಾದವನ್ನು ಸ್ವೀಕರಿಸಿದರು.
ದೇವರ ಮೂರ್ತಿಗೆ ಪುಷ್ಪ ಹಾಗೂ ಆಭರಣಗಳಿಂದ ಅಲಂಕರಿಸಲಾಗಿತ್ತು. ಸರತಿ ಸಾಲಿನಲ್ಲಿ ನಿಂತು ಭಕ್ತರು ದೇವರ ದರ್ಶನ ಪಡೆದರು. ದೇವಾಲಯ ಸಮಿತಿ ವತಿಯಿಂದ ಭಕ್ತರಿಗೆ ಅನ್ನಸಂತರ್ಪಣೆ ನಡೆಯಿತು. ಪಟ್ಟಣ ಸೇರಿದಂತೆ ಸುತ್ತಮುತ್ತಲ ಗ್ರಾಮಗಳಿಂದ ಸಾವಿರಾರು ಭಕ್ತರು ಆಗಮಿಸಿದ್ದರು. ಮಧ್ಯಾಹ್ನದ ನಾಲ್ಕು ಗಂಟೆಯ ಸಮಯದ ನಂತರ ಉತ್ಸವ ಮೂರ್ತಿಗೆ ಮಹಾಮಂಗಳಾರತಿ ನಡೆಸಿ ಪಲ್ಲಕ್ಕಿಯಲ್ಲಿ ಕೂರಿಸಿ ಉತ್ಸವ ನೆರವೇರಿಸಲಾಯಿತು. ದೇವಾಲಯ ಸಮಿತಿಯ ಪದಾಧಿಕಾರಿಗಳು ಹಾಜರಿದ್ದರು.
